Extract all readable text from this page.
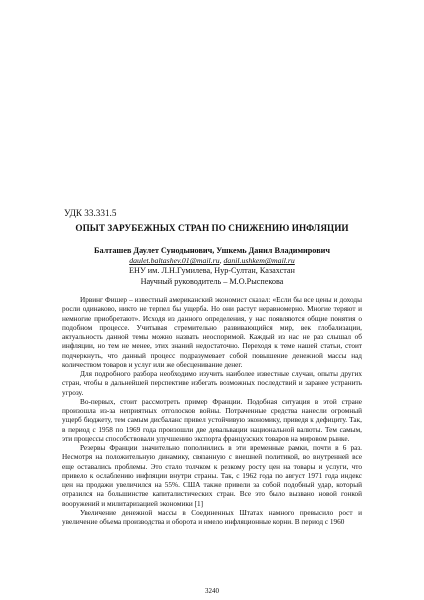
УДК 33.331.5
ОПЫТ ЗАРУБЕЖНЫХ СТРАН ПО СНИЖЕНИЮ ИНФЛЯЦИИ
Балташев Даулет Сунодынович, Ушкемь Данил Владимирович
daulet.baltashev.01@mail.ru, danil.ushkem@mail.ru
ЕНУ им. Л.Н.Гумилева, Нур-Султан, Казахстан
Научный руководитель – М.О.Рыспекова

Ирвинг Фишер – известный американский экономист сказал: «Если бы все цены и доходы росли одинаково, никто не терпел бы ущерба. Но они растут неравномерно. Многие теряют и немногие приобретают». Исходя из данного определения, у нас появляются общие понятия о подобном процессе. Учитывая стремительно развивающийся мир, век глобализации, актуальность данной темы можно назвать неоспоримой. Каждый из нас не раз слышал об инфляции, но тем не менее, этих знаний недостаточно. Переходя к теме нашей статьи, стоит подчеркнуть, что данный процесс подразумевает собой повышение денежной массы над количеством товаров и услуг или же обесценивание денег.

Для подробного разбора необходимо изучить наиболее известные случаи, опыты других стран, чтобы в дальнейшей перспективе избегать возможных последствий и заранее устранить угрозу.

Во-первых, стоит рассмотреть пример Франции. Подобная ситуация в этой стране произошла из-за неприятных отголосков войны. Потраченные средства нанесли огромный ущерб бюджету, тем самым дисбаланс привел устойчивую экономику, приведя к дефициту. Так, в период с 1958 по 1969 года произошли две девальвации национальной валюты. Тем самым, эти процессы способствовали улучшению экспорта французских товаров на мировом рынке.

Резервы Франции значительно пополнились в эти временные рамки, почти в 6 раз. Несмотря на положительную динамику, связанную с внешней политикой, во внутренней все еще оставались проблемы. Это стало толчком к резкому росту цен на товары и услуги, что привело к ослаблению инфляции внутри страны. Так, с 1962 года по август 1971 года индекс цен на продажи увеличился на 55%. США также привели за собой подобный удар, который отразился на большинстве капиталистических стран. Все это было вызвано новой гонкой вооружений и милитаризацией экономики [1]

Увеличение денежной массы в Соединенных Штатах намного превысило рост и увеличение объема производства и оборота и нмело инфляционные корни. В период с 1960

3240
